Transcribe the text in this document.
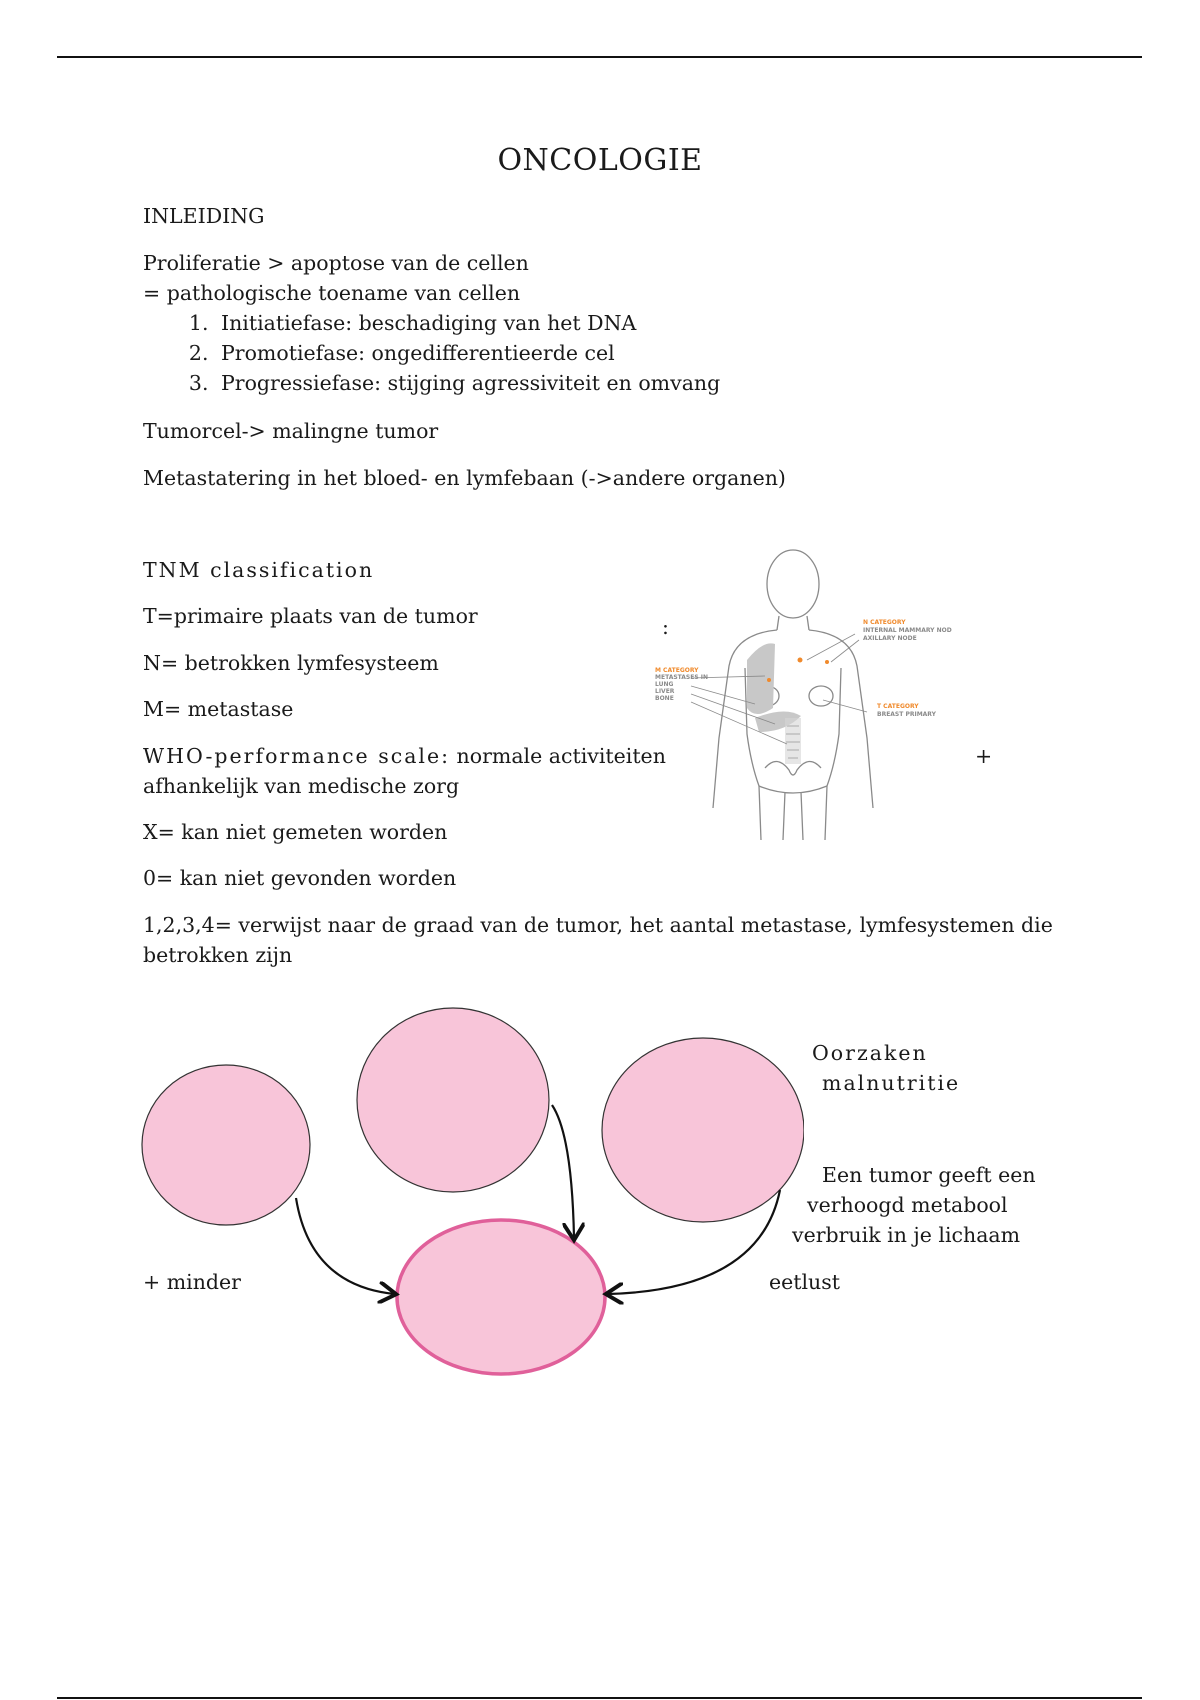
ONCOLOGIE
INLEIDING
Proliferatie > apoptose van de cellen
= pathologische toename van cellen
1. Initiatiefase: beschadiging van het DNA
2. Promotiefase: ongedifferentieerde cel
3. Progressiefase: stijging agressiviteit en omvang
Tumorcel-> malingne tumor
Metastatering in het bloed- en lymfebaan (->andere organen)
TNM classification
T=primaire plaats van de tumor
N= betrokken lymfesysteem
M= metastase
WHO-performance scale: normale activiteiten
afhankelijk van medische zorg
X= kan niet gemeten worden
0= kan niet gevonden worden
1,2,3,4= verwijst naar de graad van de tumor, het aantal metastase, lymfesystemen die
betrokken zijn
:
+
N CATEGORY
INTERNAL MAMMARY NOD
AXILLARY NODE
M CATEGORY
METASTASES IN
LUNG
LIVER
BONE
T CATEGORY
BREAST PRIMARY
Oorzaken
malnutritie
Een tumor geeft een
verhoogd metabool
verbruik in je lichaam
+ minder	eetlust
